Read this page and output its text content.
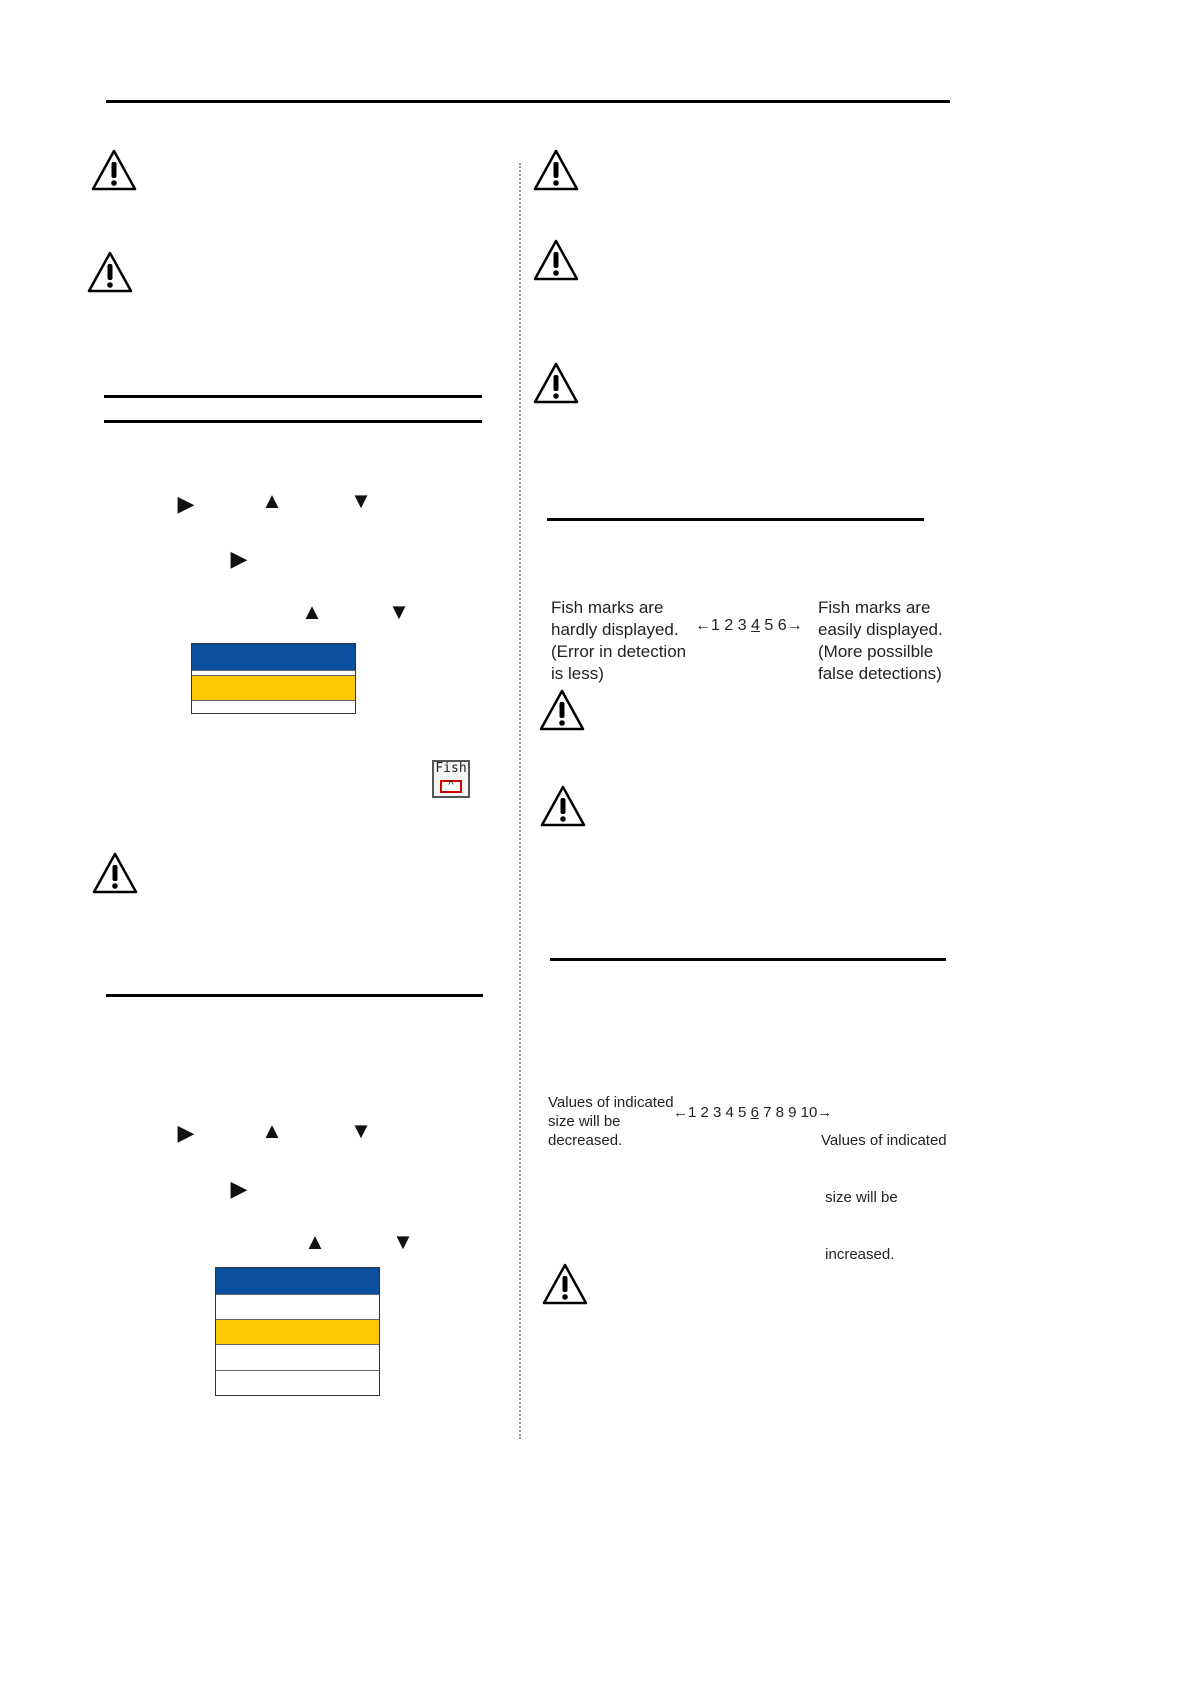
▶	▲	▼
▶
▲	▼
Fish
^
▶	▲	▼
▶
▲	▼
Fish marks are
hardly displayed.
(Error in detection
is less)
←1 2 3 4 5 6→
Fish marks are
easily displayed.
(More possilble
false detections)
Values of indicated
size will be
decreased.
←1 2 3 4 5 6 7 8 9 10→

Values of indicated

size will be

increased.
